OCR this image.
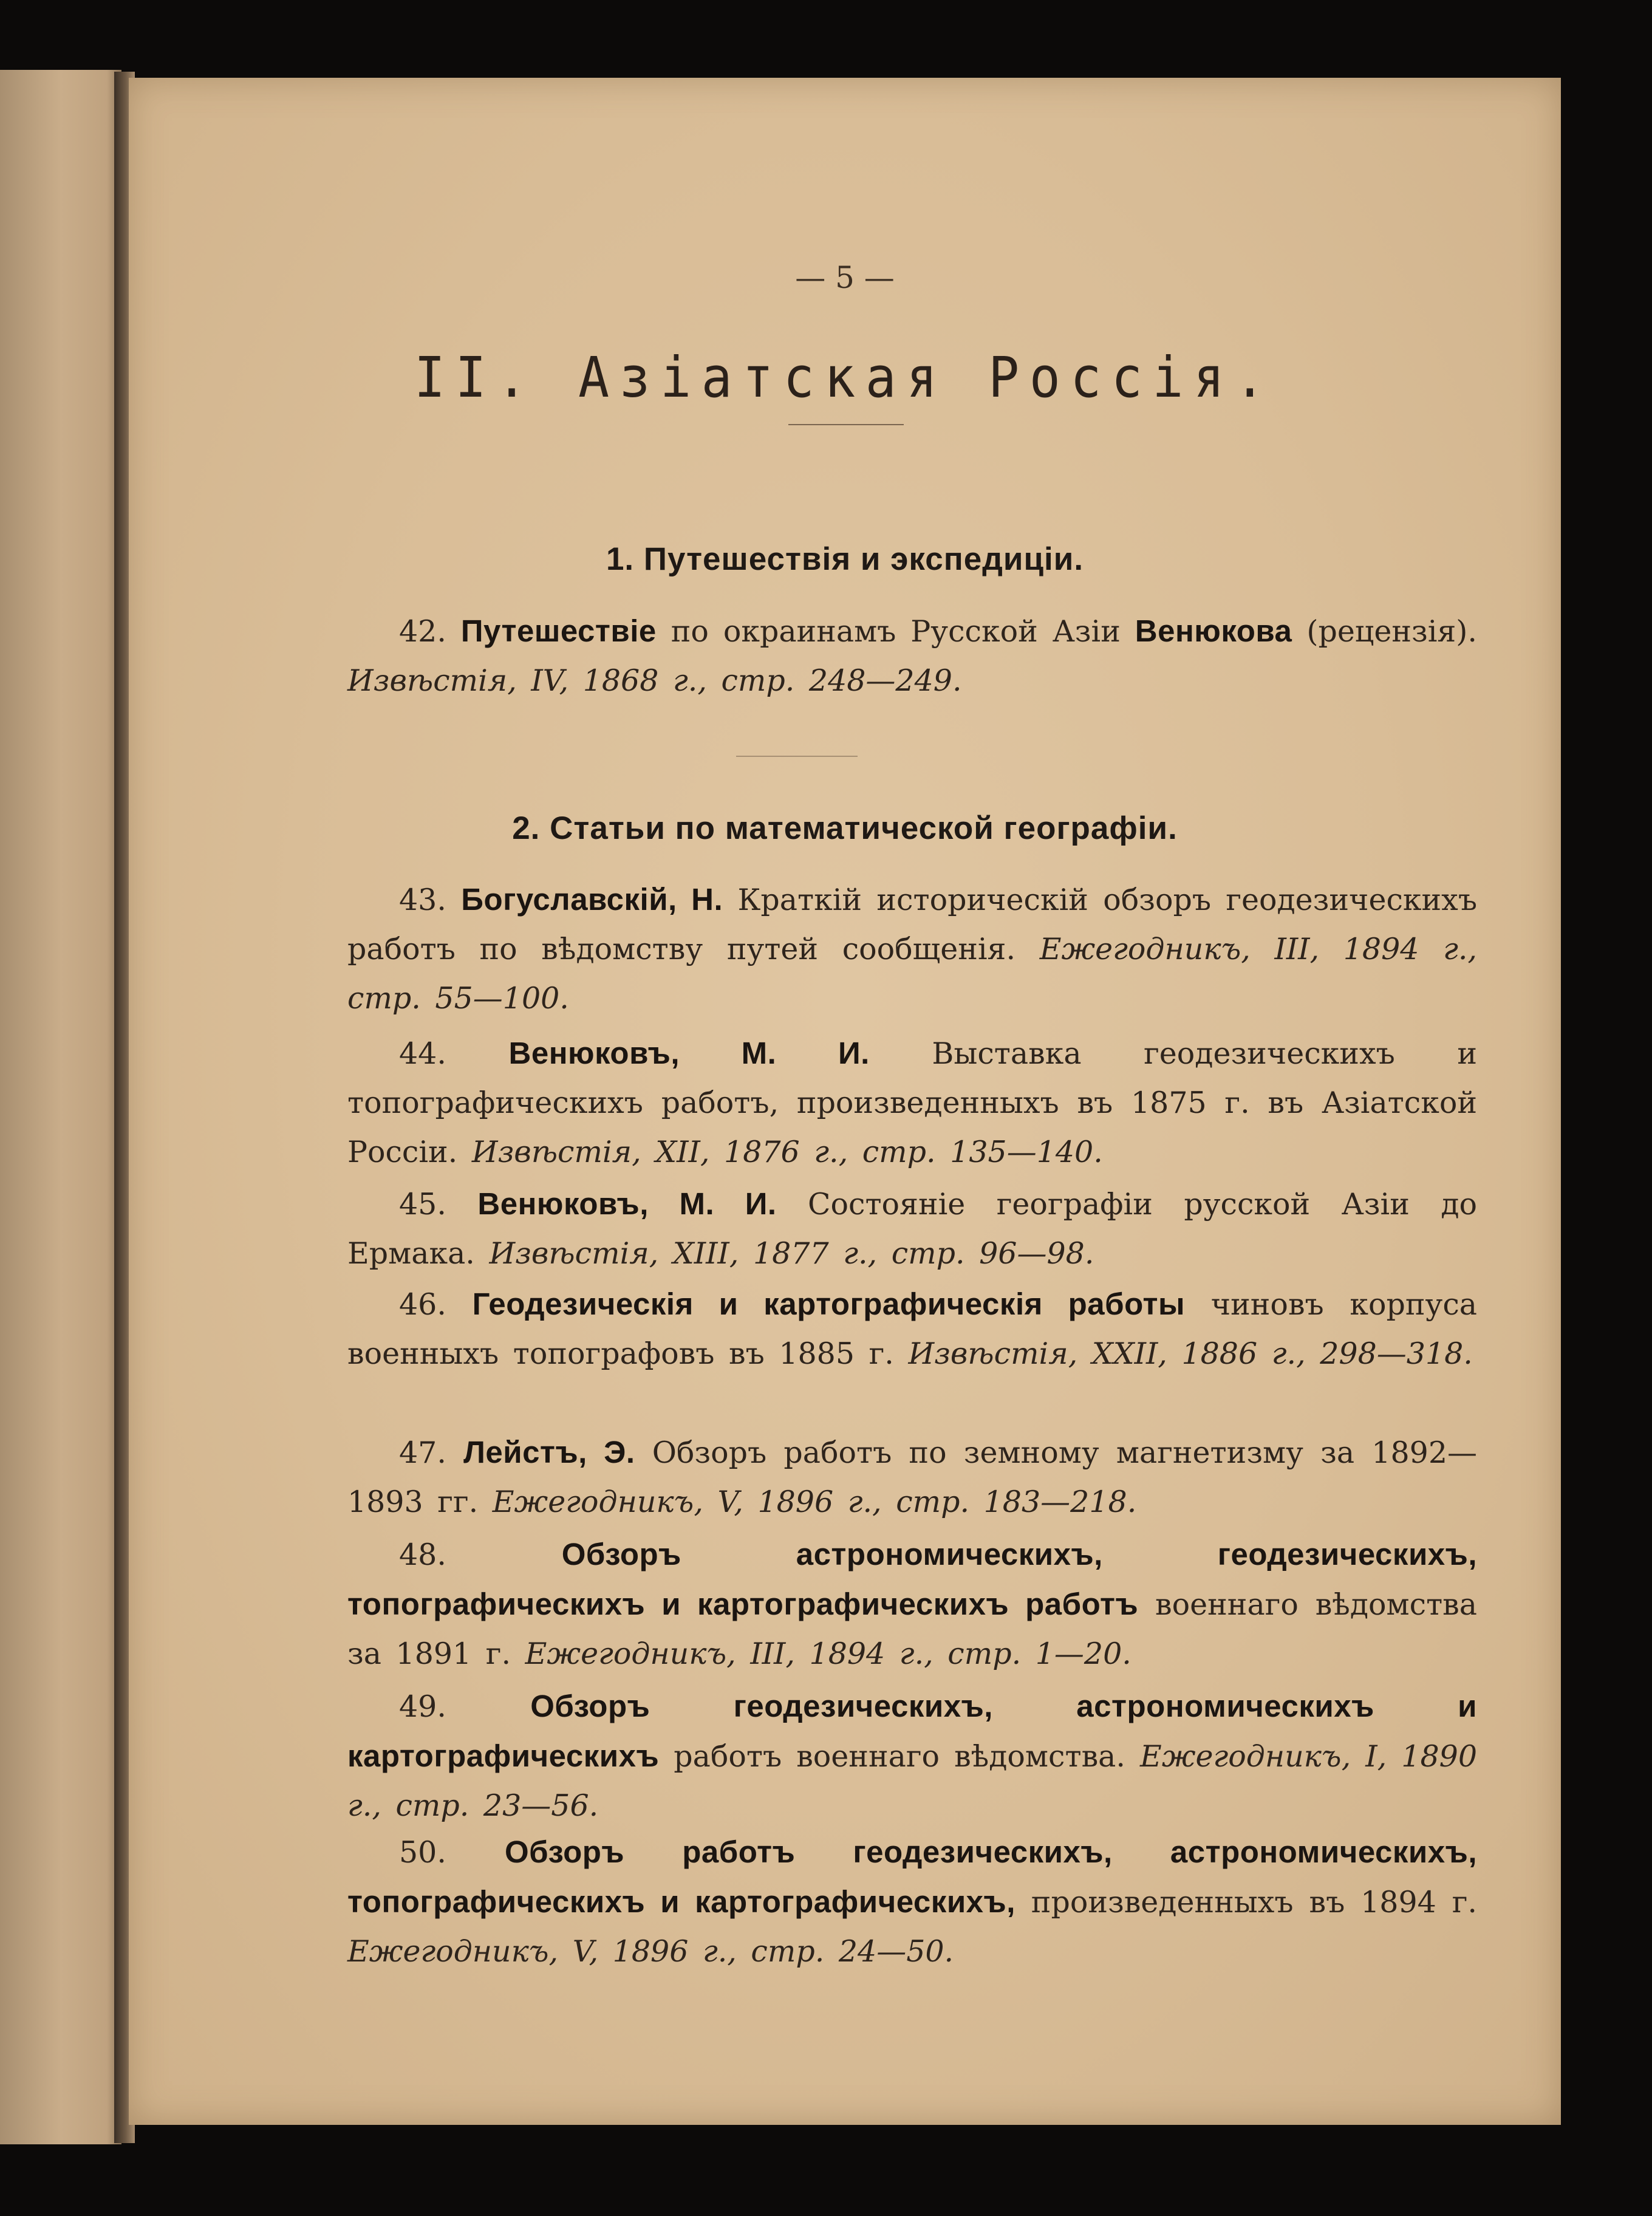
— 5 —
II. Азіатская Россія.
1. Путешествія и экспедиціи.
42. Путешествіе по окраинамъ Русской Азіи Венюкова (рецензія). Извѣстія, IV, 1868 г., стр. 248—249.
2. Статьи по математической географіи.
43. Богуславскій, Н. Краткій историческій обзоръ геодезическихъ работъ по вѣдомству путей сообщенія. Ежегодникъ, III, 1894 г., стр. 55—100.
44. Венюковъ, М. И. Выставка геодезическихъ и топографическихъ работъ, произведенныхъ въ 1875 г. въ Азіатской Россіи. Извѣстія, XII, 1876 г., стр. 135—140.
45. Венюковъ, М. И. Состояніе географіи русской Азіи до Ермака. Извѣстія, XIII, 1877 г., стр. 96—98.
46. Геодезическія и картографическія работы чиновъ корпуса военныхъ топографовъ въ 1885 г. Извѣстія, XXII, 1886 г., 298—318.
47. Лейстъ, Э. Обзоръ работъ по земному магнетизму за 1892—1893 гг. Ежегодникъ, V, 1896 г., стр. 183—218.
48.	Обзоръ астрономическихъ, геодезическихъ, топографическихъ и картографическихъ работъ военнаго вѣдомства за 1891 г. Ежегодникъ, III, 1894 г., стр. 1—20.
49.	Обзоръ геодезическихъ, астрономическихъ и картографическихъ работъ военнаго вѣдомства. Ежегодникъ, I, 1890 г., стр. 23—56.
50. Обзоръ работъ геодезическихъ, астрономическихъ, топографическихъ и картографическихъ, произведенныхъ въ 1894 г. Ежегодникъ, V, 1896 г., стр. 24—50.
